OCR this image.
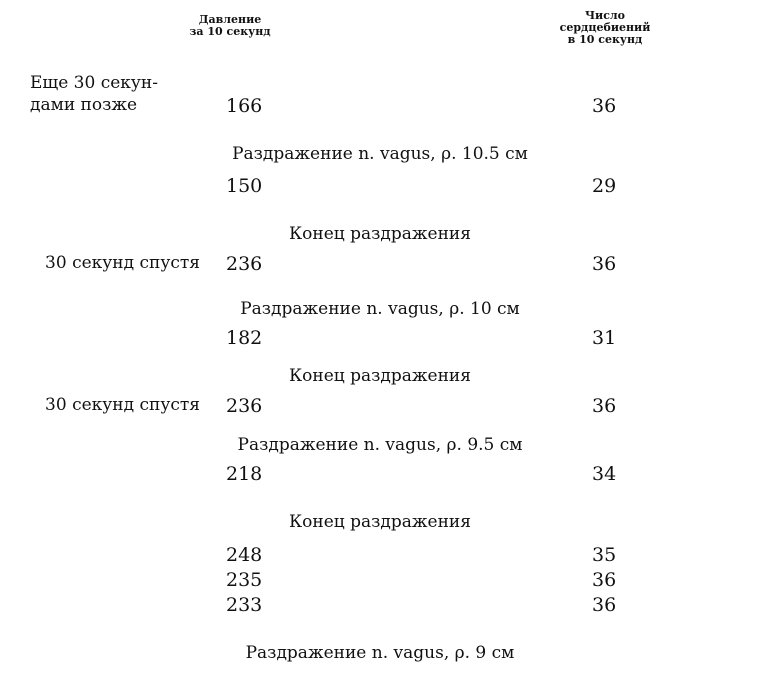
Давление
за 10 секунд
Число
сердцебиений
в 10 секунд
Еще 30 секун-
дами позже	166	36
Раздражение n. vagus, ρ. 10.5 см
150	29
Конец раздражения
30 секунд спустя 236	36
Раздражение n. vagus, ρ. 10 см
182	31
Конец раздражения
30 секунд спустя 236	36
Раздражение n. vagus, ρ. 9.5 см
218	34
Конец раздражения
248	35
235	36
233	36
Раздражение n. vagus, ρ. 9 см
